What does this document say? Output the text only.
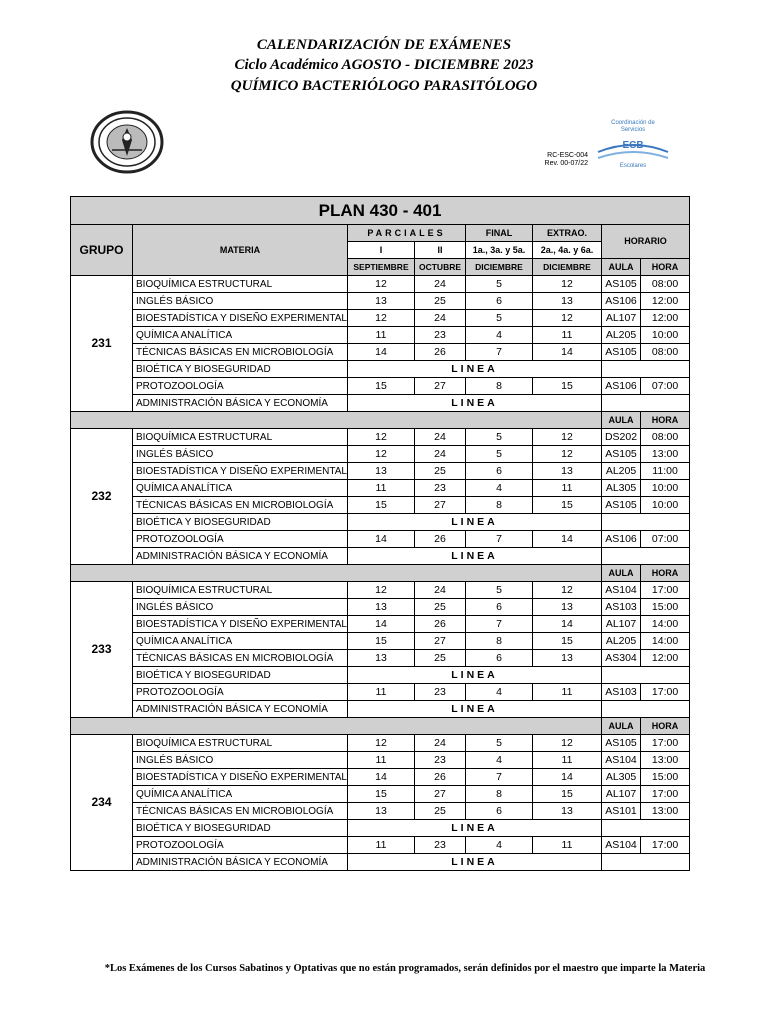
CALENDARIZACIÓN DE EXÁMENES
Ciclo Académico AGOSTO - DICIEMBRE 2023
QUÍMICO BACTERIÓLOGO PARASITÓLOGO
Coordinación de
Servicios
ECB
Escolares
RC-ESC-004
Rev. 00-07/22
PLAN 430 - 401							
GRUPO	MATERIA	PARCIALES		FINAL	EXTRAO.	HORARIO	
		I	II	1a., 3a. y 5a.	2a., 4a. y 6a.		
		SEPTIEMBRE	OCTUBRE	DICIEMBRE	DICIEMBRE	AULA	HORA
231	BIOQUÍMICA ESTRUCTURAL	12	24	5	12	AS105	08:00
	INGLÉS BÁSICO	13	25	6	13	AS106	12:00
	BIOESTADÍSTICA Y DISEÑO EXPERIMENTAL	12	24	5	12	AL107	12:00
	QUÍMICA ANALÍTICA	11	23	4	11	AL205	10:00
	TÉCNICAS BÁSICAS EN MICROBIOLOGÍA	14	26	7	14	AS105	08:00
	BIOÉTICA Y BIOSEGURIDAD	LINEA					
	PROTOZOOLOGÍA	15	27	8	15	AS106	07:00
	ADMINISTRACIÓN BÁSICA Y ECONOMÍA	LINEA					
						AULA	HORA
232	BIOQUÍMICA ESTRUCTURAL	12	24	5	12	DS202	08:00
	INGLÉS BÁSICO	12	24	5	12	AS105	13:00
	BIOESTADÍSTICA Y DISEÑO EXPERIMENTAL	13	25	6	13	AL205	11:00
	QUÍMICA ANALÍTICA	11	23	4	11	AL305	10:00
	TÉCNICAS BÁSICAS EN MICROBIOLOGÍA	15	27	8	15	AS105	10:00
	BIOÉTICA Y BIOSEGURIDAD	LINEA					
	PROTOZOOLOGÍA	14	26	7	14	AS106	07:00
	ADMINISTRACIÓN BÁSICA Y ECONOMÍA	LINEA					
						AULA	HORA
233	BIOQUÍMICA ESTRUCTURAL	12	24	5	12	AS104	17:00
	INGLÉS BÁSICO	13	25	6	13	AS103	15:00
	BIOESTADÍSTICA Y DISEÑO EXPERIMENTAL	14	26	7	14	AL107	14:00
	QUÍMICA ANALÍTICA	15	27	8	15	AL205	14:00
	TÉCNICAS BÁSICAS EN MICROBIOLOGÍA	13	25	6	13	AS304	12:00
	BIOÉTICA Y BIOSEGURIDAD	LINEA					
	PROTOZOOLOGÍA	11	23	4	11	AS103	17:00
	ADMINISTRACIÓN BÁSICA Y ECONOMÍA	LINEA					
						AULA	HORA
234	BIOQUÍMICA ESTRUCTURAL	12	24	5	12	AS105	17:00
	INGLÉS BÁSICO	11	23	4	11	AS104	13:00
	BIOESTADÍSTICA Y DISEÑO EXPERIMENTAL	14	26	7	14	AL305	15:00
	QUÍMICA ANALÍTICA	15	27	8	15	AL107	17:00
	TÉCNICAS BÁSICAS EN MICROBIOLOGÍA	13	25	6	13	AS101	13:00
	BIOÉTICA Y BIOSEGURIDAD	LINEA					
	PROTOZOOLOGÍA	11	23	4	11	AS104	17:00
	ADMINISTRACIÓN BÁSICA Y ECONOMÍA	LINEA					
*Los Exámenes de los Cursos Sabatinos y Optativas que no están programados, serán definidos por el maestro que imparte la Materia
